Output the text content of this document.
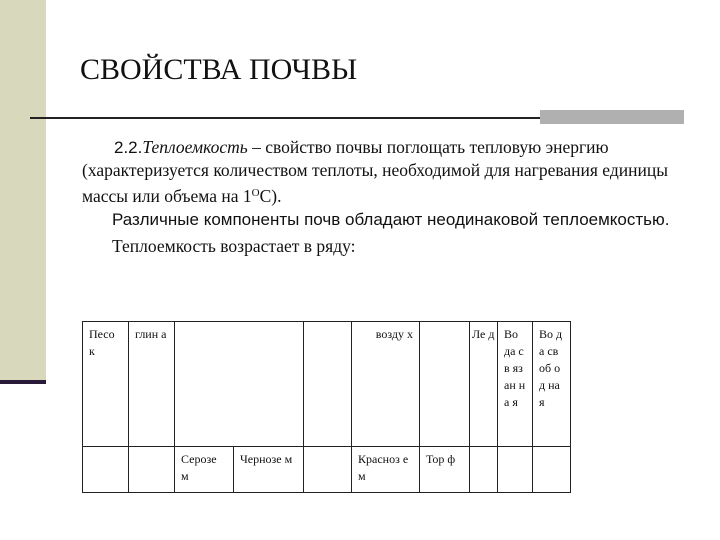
СВОЙСТВА ПОЧВЫ

2.2.Теплоемкость – свойство почвы поглощать тепловую энергию (характеризуется количеством теплоты, необходимой для нагревания единицы массы или объема на $1^OС$).

Различные компоненты почв обладают неодинаковой теплоемкостью.

Теплоемкость возрастает в ряду:

Песо к	глин а				возду х		Ле д	Во да св яз ан на я	Во да св об од на я
		Серозе м	Чернозе м		Красноз ем	Тор ф			
